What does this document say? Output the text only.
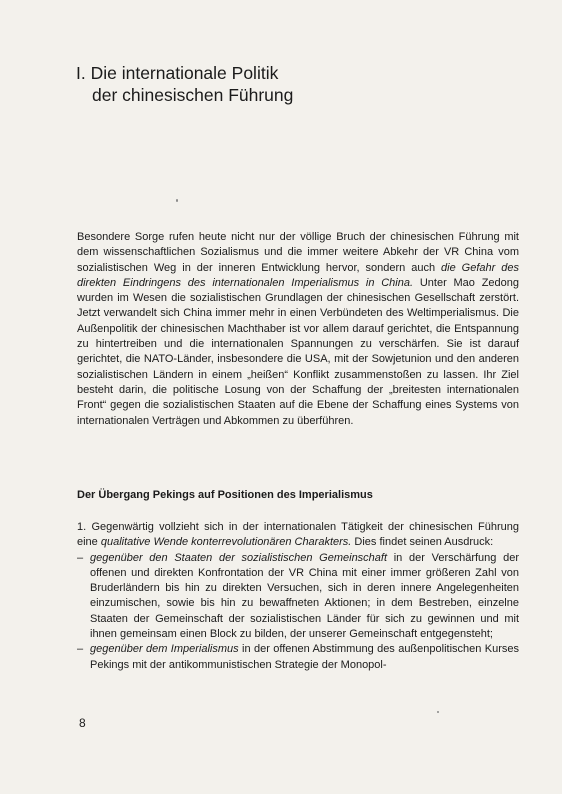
I. Die internationale Politik
der chinesischen Führung

Besondere Sorge rufen heute nicht nur der völlige Bruch der chinesischen Führung mit dem wissenschaftlichen Sozialismus und die immer weitere Abkehr der VR China vom sozialistischen Weg in der inneren Entwicklung hervor, sondern auch die Gefahr des direkten Eindringens des internationalen Imperialismus in China. Unter Mao Zedong wurden im Wesen die sozialistischen Grundlagen der chinesischen Gesellschaft zerstört. Jetzt verwandelt sich China immer mehr in einen Verbündeten des Weltimperialismus. Die Außenpolitik der chinesischen Machthaber ist vor allem darauf gerichtet, die Entspannung zu hintertreiben und die internationalen Spannungen zu verschärfen. Sie ist darauf gerichtet, die NATO-Länder, insbesondere die USA, mit der Sowjetunion und den anderen sozialistischen Ländern in einem „heißen“ Konflikt zusammenstoßen zu lassen. Ihr Ziel besteht darin, die politische Losung von der Schaffung der „breitesten internationalen Front“ gegen die sozialistischen Staaten auf die Ebene der Schaffung eines Systems von internationalen Verträgen und Abkommen zu überführen.

Der Übergang Pekings auf Positionen des Imperialismus
1. Gegenwärtig vollzieht sich in der internationalen Tätigkeit der chinesischen Führung eine qualitative Wende konterrevolutionären Charakters. Dies findet seinen Ausdruck:
– gegenüber den Staaten der sozialistischen Gemeinschaft in der Verschärfung der offenen und direkten Konfrontation der VR China mit einer immer größeren Zahl von Bruderländern bis hin zu direkten Versuchen, sich in deren innere Angelegenheiten einzumischen, sowie bis hin zu bewaffneten Aktionen; in dem Bestreben, einzelne Staaten der Gemeinschaft der sozialistischen Länder für sich zu gewinnen und mit ihnen gemeinsam einen Block zu bilden, der unserer Gemeinschaft entgegensteht;
– gegenüber dem Imperialismus in der offenen Abstimmung des außenpolitischen Kurses Pekings mit der antikommunistischen Strategie der Monopol-

8
